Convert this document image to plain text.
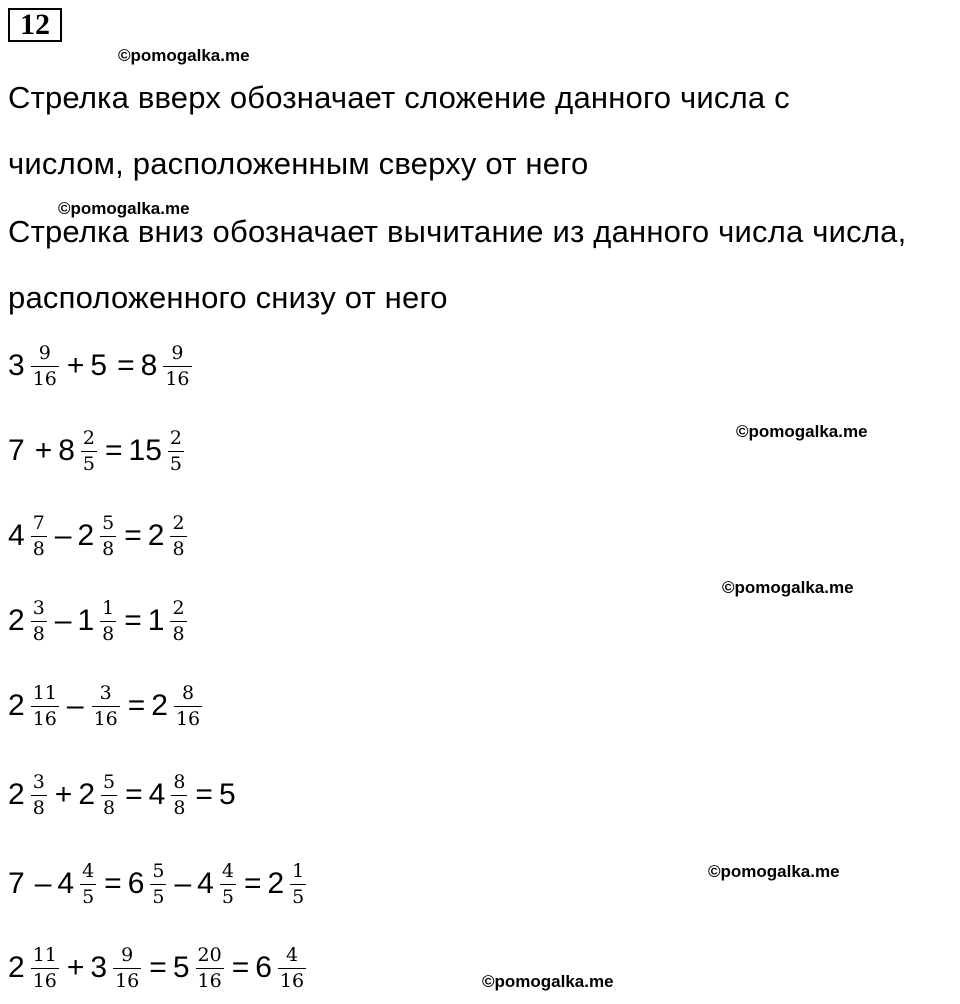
12
©pomogalka.me
©pomogalka.me
©pomogalka.me
©pomogalka.me
©pomogalka.me
©pomogalka.me
Стрелка вверх обозначает сложение данного числа с
числом, расположенным сверху от него
Стрелка вниз обозначает вычитание из данного числа числа,
расположенного снизу от него
$3 \frac{9}{16} + 5 = 8 \frac{9}{16}$
$7 + 8 \frac{2}{5} = 15 \frac{2}{5}$
$4 \frac{7}{8} - 2 \frac{5}{8} = 2 \frac{2}{8}$
$2 \frac{3}{8} - 1 \frac{1}{8} = 1 \frac{2}{8}$
$2 \frac{11}{16} - \frac{3}{16} = 2 \frac{8}{16}$
$2 \frac{3}{8} + 2 \frac{5}{8} = 4 \frac{8}{8} = 5$
$7 - 4 \frac{4}{5} = 6 \frac{5}{5} - 4 \frac{4}{5} = 2 \frac{1}{5}$
$2 \frac{11}{16} + 3 \frac{9}{16} = 5 \frac{20}{16} = 6 \frac{4}{16}$
